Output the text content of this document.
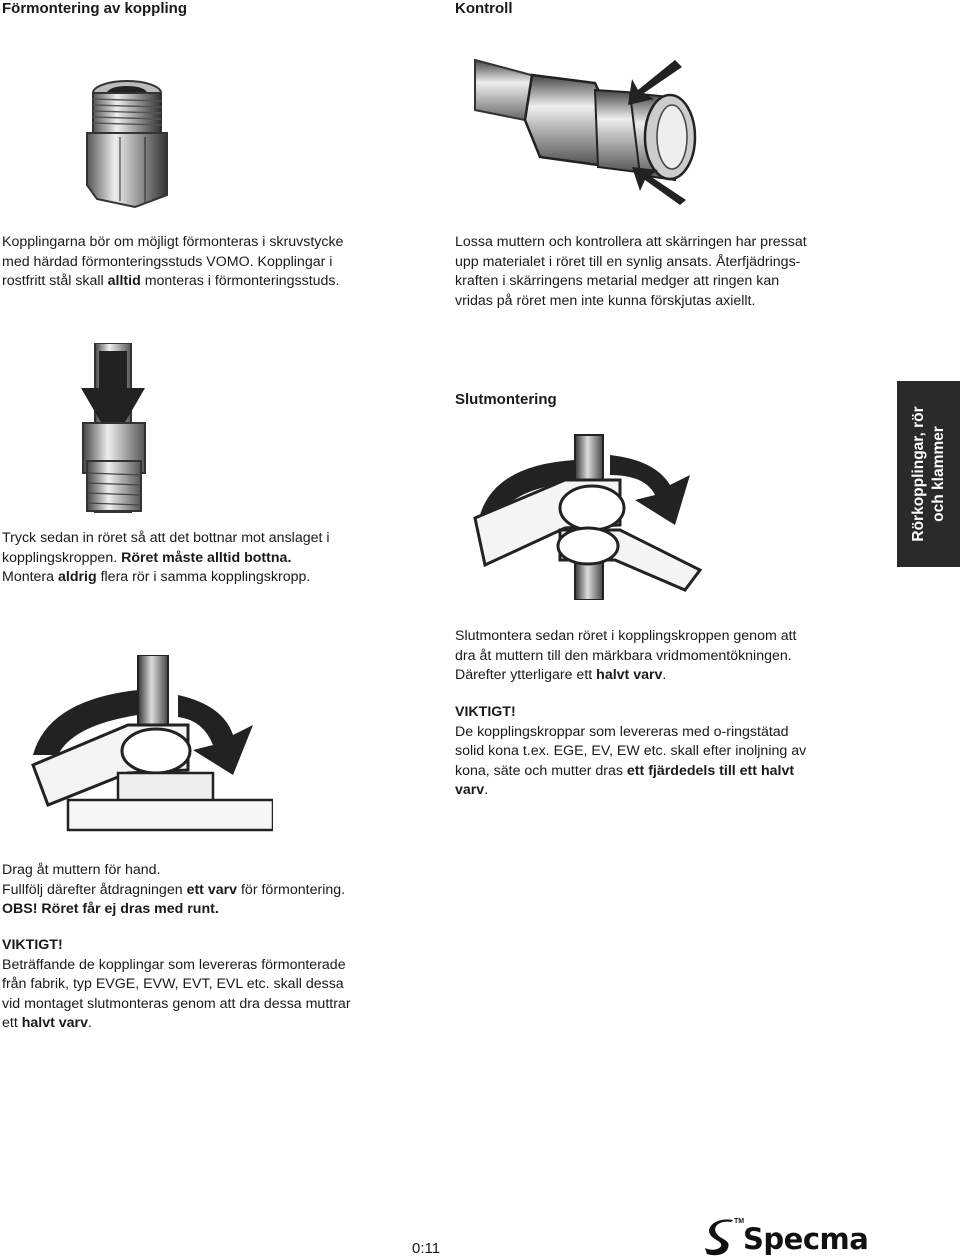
Förmontering av koppling
Kopplingarna bör om möjligt förmonteras i skruvstycke
med härdad förmonteringsstuds VOMO. Kopplingar i
rostfritt stål skall alltid monteras i förmonteringsstuds.
Tryck sedan in röret så att det bottnar mot anslaget i
kopplingskroppen. Röret måste alltid bottna.
Montera aldrig flera rör i samma kopplingskropp.
Drag åt muttern för hand.
Fullfölj därefter åtdragningen ett varv för förmontering.
OBS! Röret får ej dras med runt.
VIKTIGT!
Beträffande de kopplingar som levereras förmonterade
från fabrik, typ EVGE, EVW, EVT, EVL etc. skall dessa
vid montaget slutmonteras genom att dra dessa muttrar
ett halvt varv.
Kontroll
Lossa muttern och kontrollera att skärringen har pressat
upp materialet i röret till en synlig ansats. Återfjädrings-
kraften i skärringens metarial medger att ringen kan
vridas på röret men inte kunna förskjutas axiellt.
Slutmontering
Slutmontera sedan röret i kopplingskroppen genom att
dra åt muttern till den märkbara vridmomentökningen.
Därefter ytterligare ett halvt varv.
VIKTIGT!
De kopplingskroppar som levereras med o-ringstätad
solid kona t.ex. EGE, EV, EW etc. skall efter inoljning av
kona, säte och mutter dras ett fjärdedels till ett halvt
varv.
Rörkopplingar, rör och klammer
0:11
TM
Specma
